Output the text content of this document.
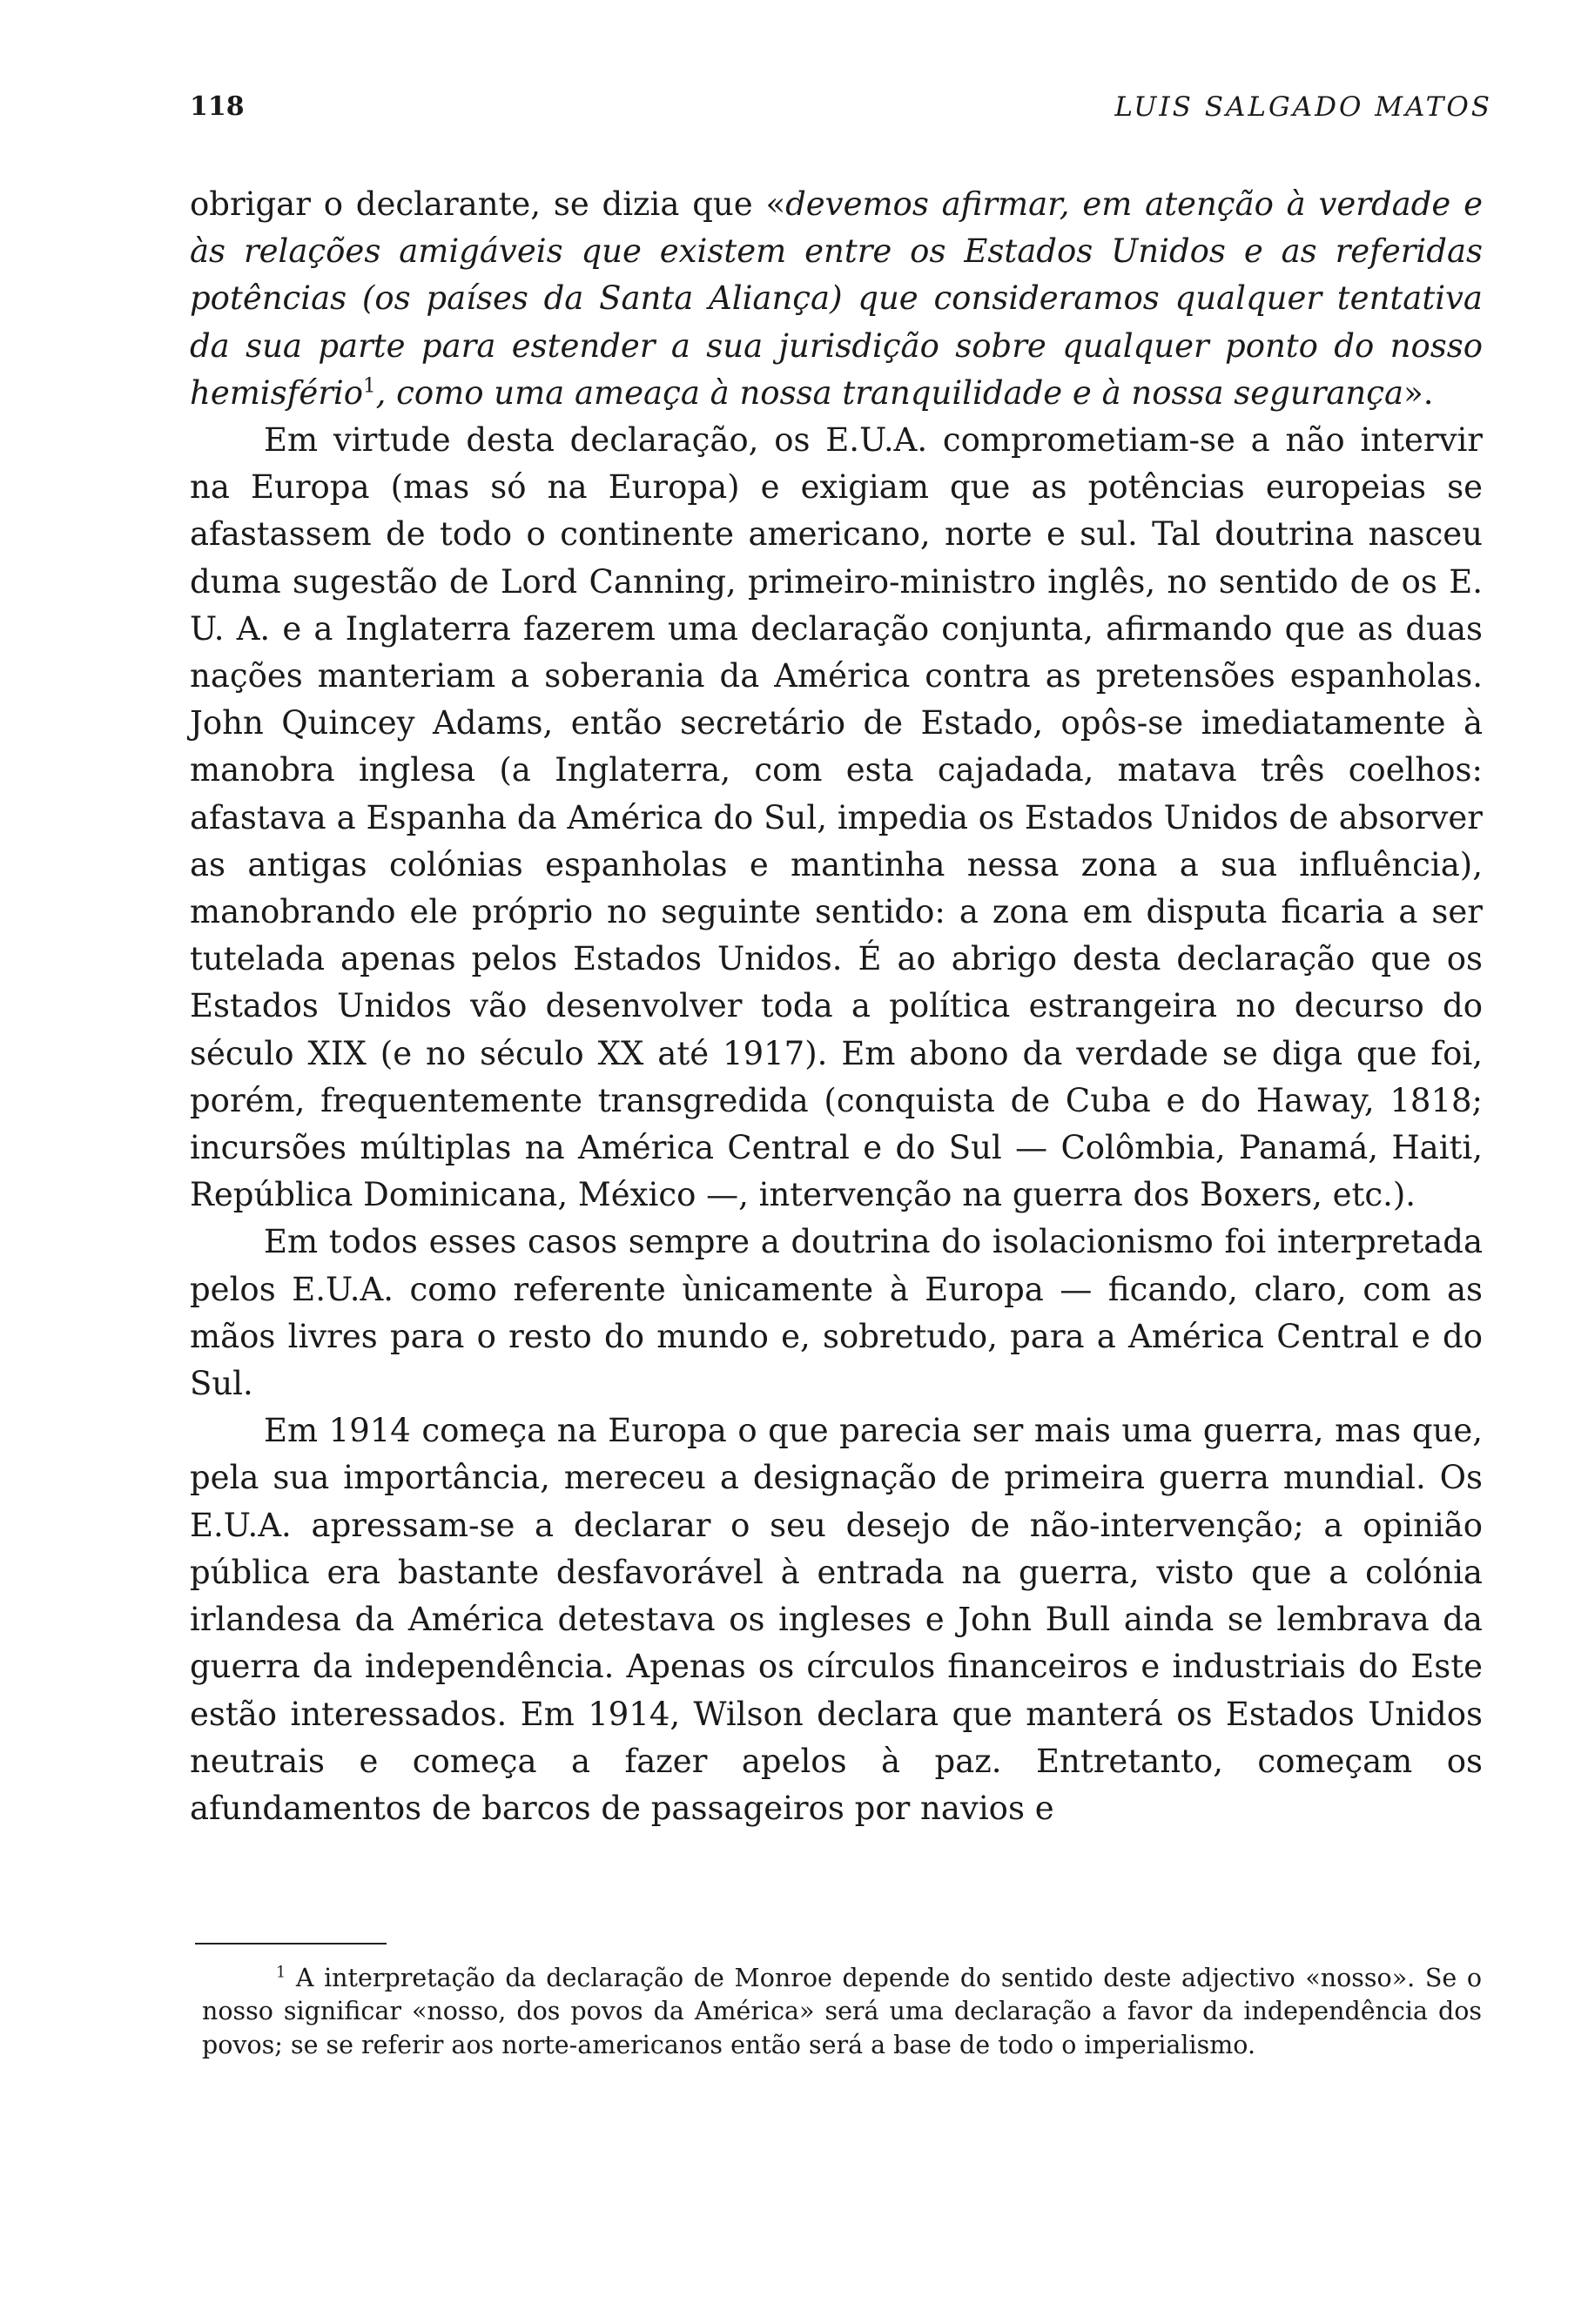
118	LUIS SALGADO MATOS

obrigar o declarante, se dizia que «devemos afirmar, em atenção à verdade e às relações amigáveis que existem entre os Estados Unidos e as referidas potências (os países da Santa Aliança) que consideramos qualquer tentativa da sua parte para estender a sua jurisdição sobre qualquer ponto do nosso hemisfério$^1$, como uma ameaça à nossa tranquilidade e à nossa segurança».

Em virtude desta declaração, os E.U.A. comprometiam-se a não intervir na Europa (mas só na Europa) e exigiam que as potências europeias se afastassem de todo o continente americano, norte e sul. Tal doutrina nasceu duma sugestão de Lord Canning, primeiro-ministro inglês, no sentido de os E. U. A. e a Inglaterra fazerem uma declaração conjunta, afirmando que as duas nações manteriam a soberania da América contra as pretensões espanholas. John Quincey Adams, então secretário de Estado, opôs-se imediatamente à manobra inglesa (a Inglaterra, com esta cajadada, matava três coelhos: afastava a Espanha da América do Sul, impedia os Estados Unidos de absorver as antigas colónias espanholas e mantinha nessa zona a sua influência), manobrando ele próprio no seguinte sentido: a zona em disputa ficaria a ser tutelada apenas pelos Estados Unidos. É ao abrigo desta declaração que os Estados Unidos vão desenvolver toda a política estrangeira no decurso do século XIX (e no século XX até 1917). Em abono da verdade se diga que foi, porém, frequentemente transgredida (conquista de Cuba e do Haway, 1818; incursões múltiplas na América Central e do Sul — Colômbia, Panamá, Haiti, República Dominicana, México —, intervenção na guerra dos Boxers, etc.).

Em todos esses casos sempre a doutrina do isolacionismo foi interpretada pelos E.U.A. como referente ùnicamente à Europa — ficando, claro, com as mãos livres para o resto do mundo e, sobretudo, para a América Central e do Sul.

Em 1914 começa na Europa o que parecia ser mais uma guerra, mas que, pela sua importância, mereceu a designação de primeira guerra mundial. Os E.U.A. apressam-se a declarar o seu desejo de não-intervenção; a opinião pública era bastante desfavorável à entrada na guerra, visto que a colónia irlandesa da América detestava os ingleses e John Bull ainda se lembrava da guerra da independência. Apenas os círculos financeiros e industriais do Este estão interessados. Em 1914, Wilson declara que manterá os Estados Unidos neutrais e começa a fazer apelos à paz. Entretanto, começam os afundamentos de barcos de passageiros por navios e

$^1$ A interpretação da declaração de Monroe depende do sentido deste adjectivo «nosso». Se o nosso significar «nosso, dos povos da América» será uma declaração a favor da independência dos povos; se se referir aos norte-americanos então será a base de todo o imperialismo.
